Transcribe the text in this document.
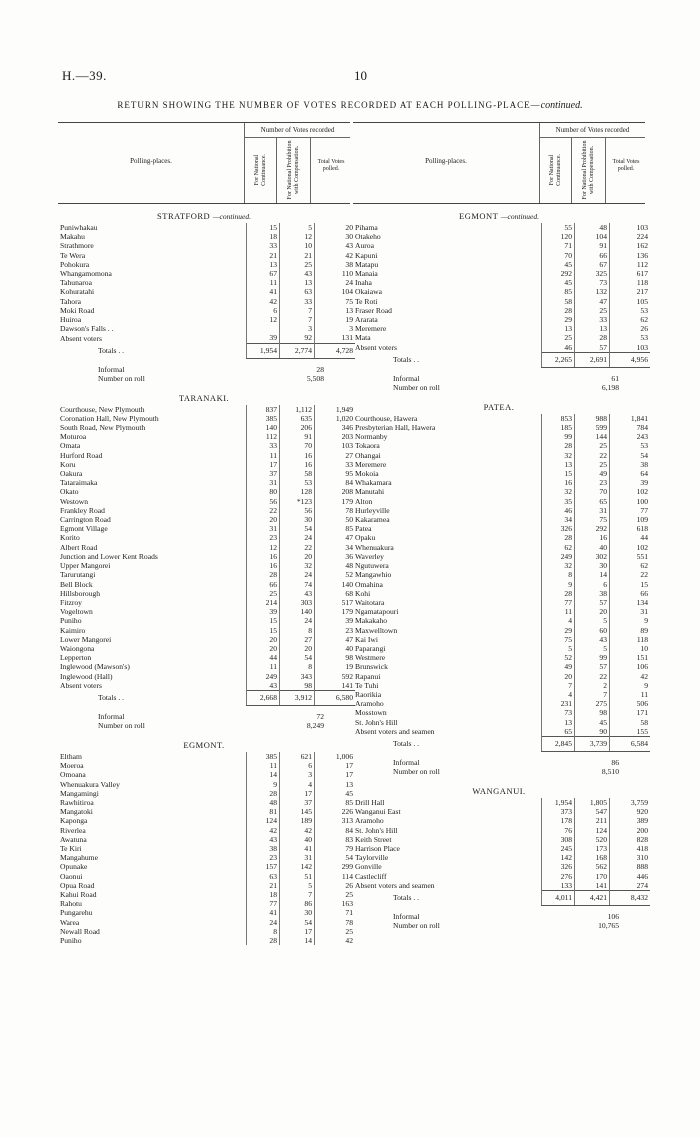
H.—39.	10
RETURN SHOWING THE NUMBER OF VOTES RECORDED AT EACH POLLING-PLACE—continued.
Polling-places.
Number of Votes recorded
For National Continuance.	For National Prohibition with Compensation.	Total Votes polled.
STRATFORD —continued.
Puniwhakau	15	5	20
Makahu	18	12	30
Strathmore	33	10	43
Te Wera	21	21	42
Pohokura	13	25	38
Whangamomona	67	43	110
Tahunaroa	11	13	24
Kohuratahi	41	63	104
Tahora	42	33	75
Moki Road	6	7	13
Huiroa	12	7	19
Dawson's Falls . .		3	3
Absent voters	39	92	131
Totals . .	1,954	2,774	4,728
Informal	28
Number on roll	5,508
TARANAKI.
Courthouse, New Plymouth	837	1,112	1,949
Coronation Hall, New Plymouth	385	635	1,020
South Road, New Plymouth	140	206	346
Moturoa	112	91	203
Omata	33	70	103
Hurford Road	11	16	27
Koru	17	16	33
Oakura	37	58	95
Tataraimaka	31	53	84
Okato	80	128	208
Westown	56	*123	179
Frankley Road	22	56	78
Carrington Road	20	30	50
Egmont Village	31	54	85
Korito	23	24	47
Albert Road	12	22	34
Junction and Lower Kent Roads	16	20	36
Upper Mangorei	16	32	48
Tarurutangi	28	24	52
Bell Block	66	74	140
Hillsborough	25	43	68
Fitzroy	214	303	517
Vogeltown	39	140	179
Puniho	15	24	39
Kaimiro	15	8	23
Lower Mangorei	20	27	47
Waiongona	20	20	40
Lepperton	44	54	98
Inglewood (Mawson's)	11	8	19
Inglewood (Hall)	249	343	592
Absent voters	43	98	141
Totals . .	2,668	3,912	6,580
Informal	72
Number on roll	8,249
EGMONT.
Eltham	385	621	1,006
Moeroa	11	6	17
Omoana	14	3	17
Whenuakura Valley	9	4	13
Mangamingi	28	17	45
Rawhitiroa	48	37	85
Mangatoki	81	145	226
Kaponga	124	189	313
Riverlea	42	42	84
Awatuna	43	40	83
Te Kiri	38	41	79
Mangahume	23	31	54
Opunake	157	142	299
Oaonui	63	51	114
Opua Road	21	5	26
Kahui Road	18	7	25
Rahotu	77	86	163
Pungarehu	41	30	71
Warea	24	54	78
Newall Road	8	17	25
Puniho	28	14	42
Polling-places.
Number of Votes recorded
For National Continuance.	For National Prohibition with Compensation.	Total Votes polled.
EGMONT —continued.
Pihama	55	48	103
Otakeho	120	104	224
Auroa	71	91	162
Kapuni	70	66	136
Matapu	45	67	112
Manaia	292	325	617
Inaha	45	73	118
Okaiawa	85	132	217
Te Roti	58	47	105
Fraser Road	28	25	53
Ararata	29	33	62
Meremere	13	13	26
Mata	25	28	53
Absent voters	46	57	103
Totals . .	2,265	2,691	4,956
Informal	61
Number on roll	6,198
PATEA.
Courthouse, Hawera	853	988	1,841
Presbyterian Hall, Hawera	185	599	784
Normanby	99	144	243
Tokaora	28	25	53
Ohangai	32	22	54
Meremere	13	25	38
Mokoia	15	49	64
Whakamara	16	23	39
Manutahi	32	70	102
Alton	35	65	100
Hurleyville	46	31	77
Kakaramea	34	75	109
Patea	326	292	618
Opaku	28	16	44
Whenuakura	62	40	102
Waverley	249	302	551
Ngutuwera	32	30	62
Mangawhio	8	14	22
Omahina	9	6	15
Kohi	28	38	66
Waitotara	77	57	134
Ngamatapouri	11	20	31
Makakaho	4	5	9
Maxwelltown	29	60	89
Kai Iwi	75	43	118
Paparangi	5	5	10
Westmere	52	99	151
Brunswick	49	57	106
Rapanui	20	22	42
Te Tuhi	7	2	9
Raorikia	4	7	11
Aramoho	231	275	506
Mosstown	73	98	171
St. John's Hill	13	45	58
Absent voters and seamen	65	90	155
Totals . .	2,845	3,739	6,584
Informal	86
Number on roll	8,510
WANGANUI.
Drill Hall	1,954	1,805	3,759
Wanganui East	373	547	920
Aramoho	178	211	389
St. John's Hill	76	124	200
Keith Street	308	520	828
Harrison Place	245	173	418
Taylorville	142	168	310
Gonville	326	562	888
Castlecliff	276	170	446
Absent voters and seamen	133	141	274
Totals . .	4,011	4,421	8,432
Informal	106
Number on roll	10,765
